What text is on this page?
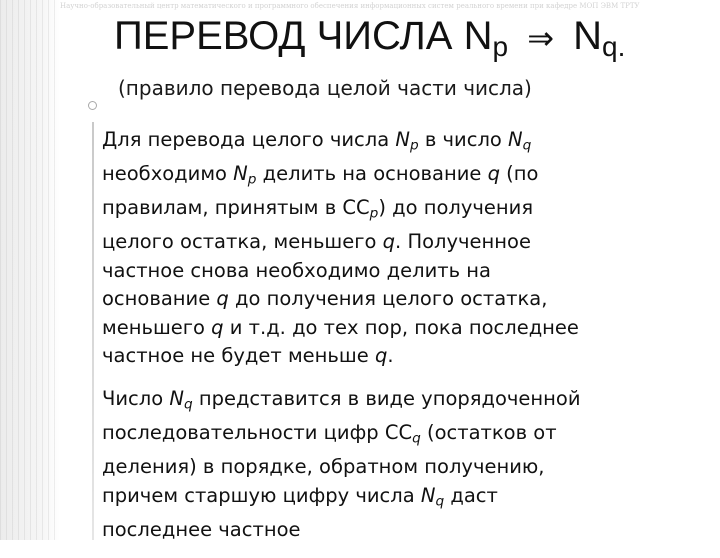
Научно-образовательный центр математического и программного обеспечения информационных систем реального времени при кафедре МОП ЭВМ ТРТУ
ПЕРЕВОД ЧИСЛА $N_p$ ⇒ $N_{q.}$
(правило перевода целой части числа)
Для перевода целого числа $N_p$ в число $N_q$
необходимо $N_p$ делить на основание q (по
правилам, принятым в $СС_p$) до получения
целого остатка, меньшего q. Полученное
частное снова необходимо делить на
основание q до получения целого остатка,
меньшего q и т.д. до тех пор, пока последнее
частное не будет меньше q.
Число $N_q$ представится в виде упорядоченной
последовательности цифр $СС_q$ (остатков от
деления) в порядке, обратном получению,
причем старшую цифру числа $N_q$ даст
последнее частное
